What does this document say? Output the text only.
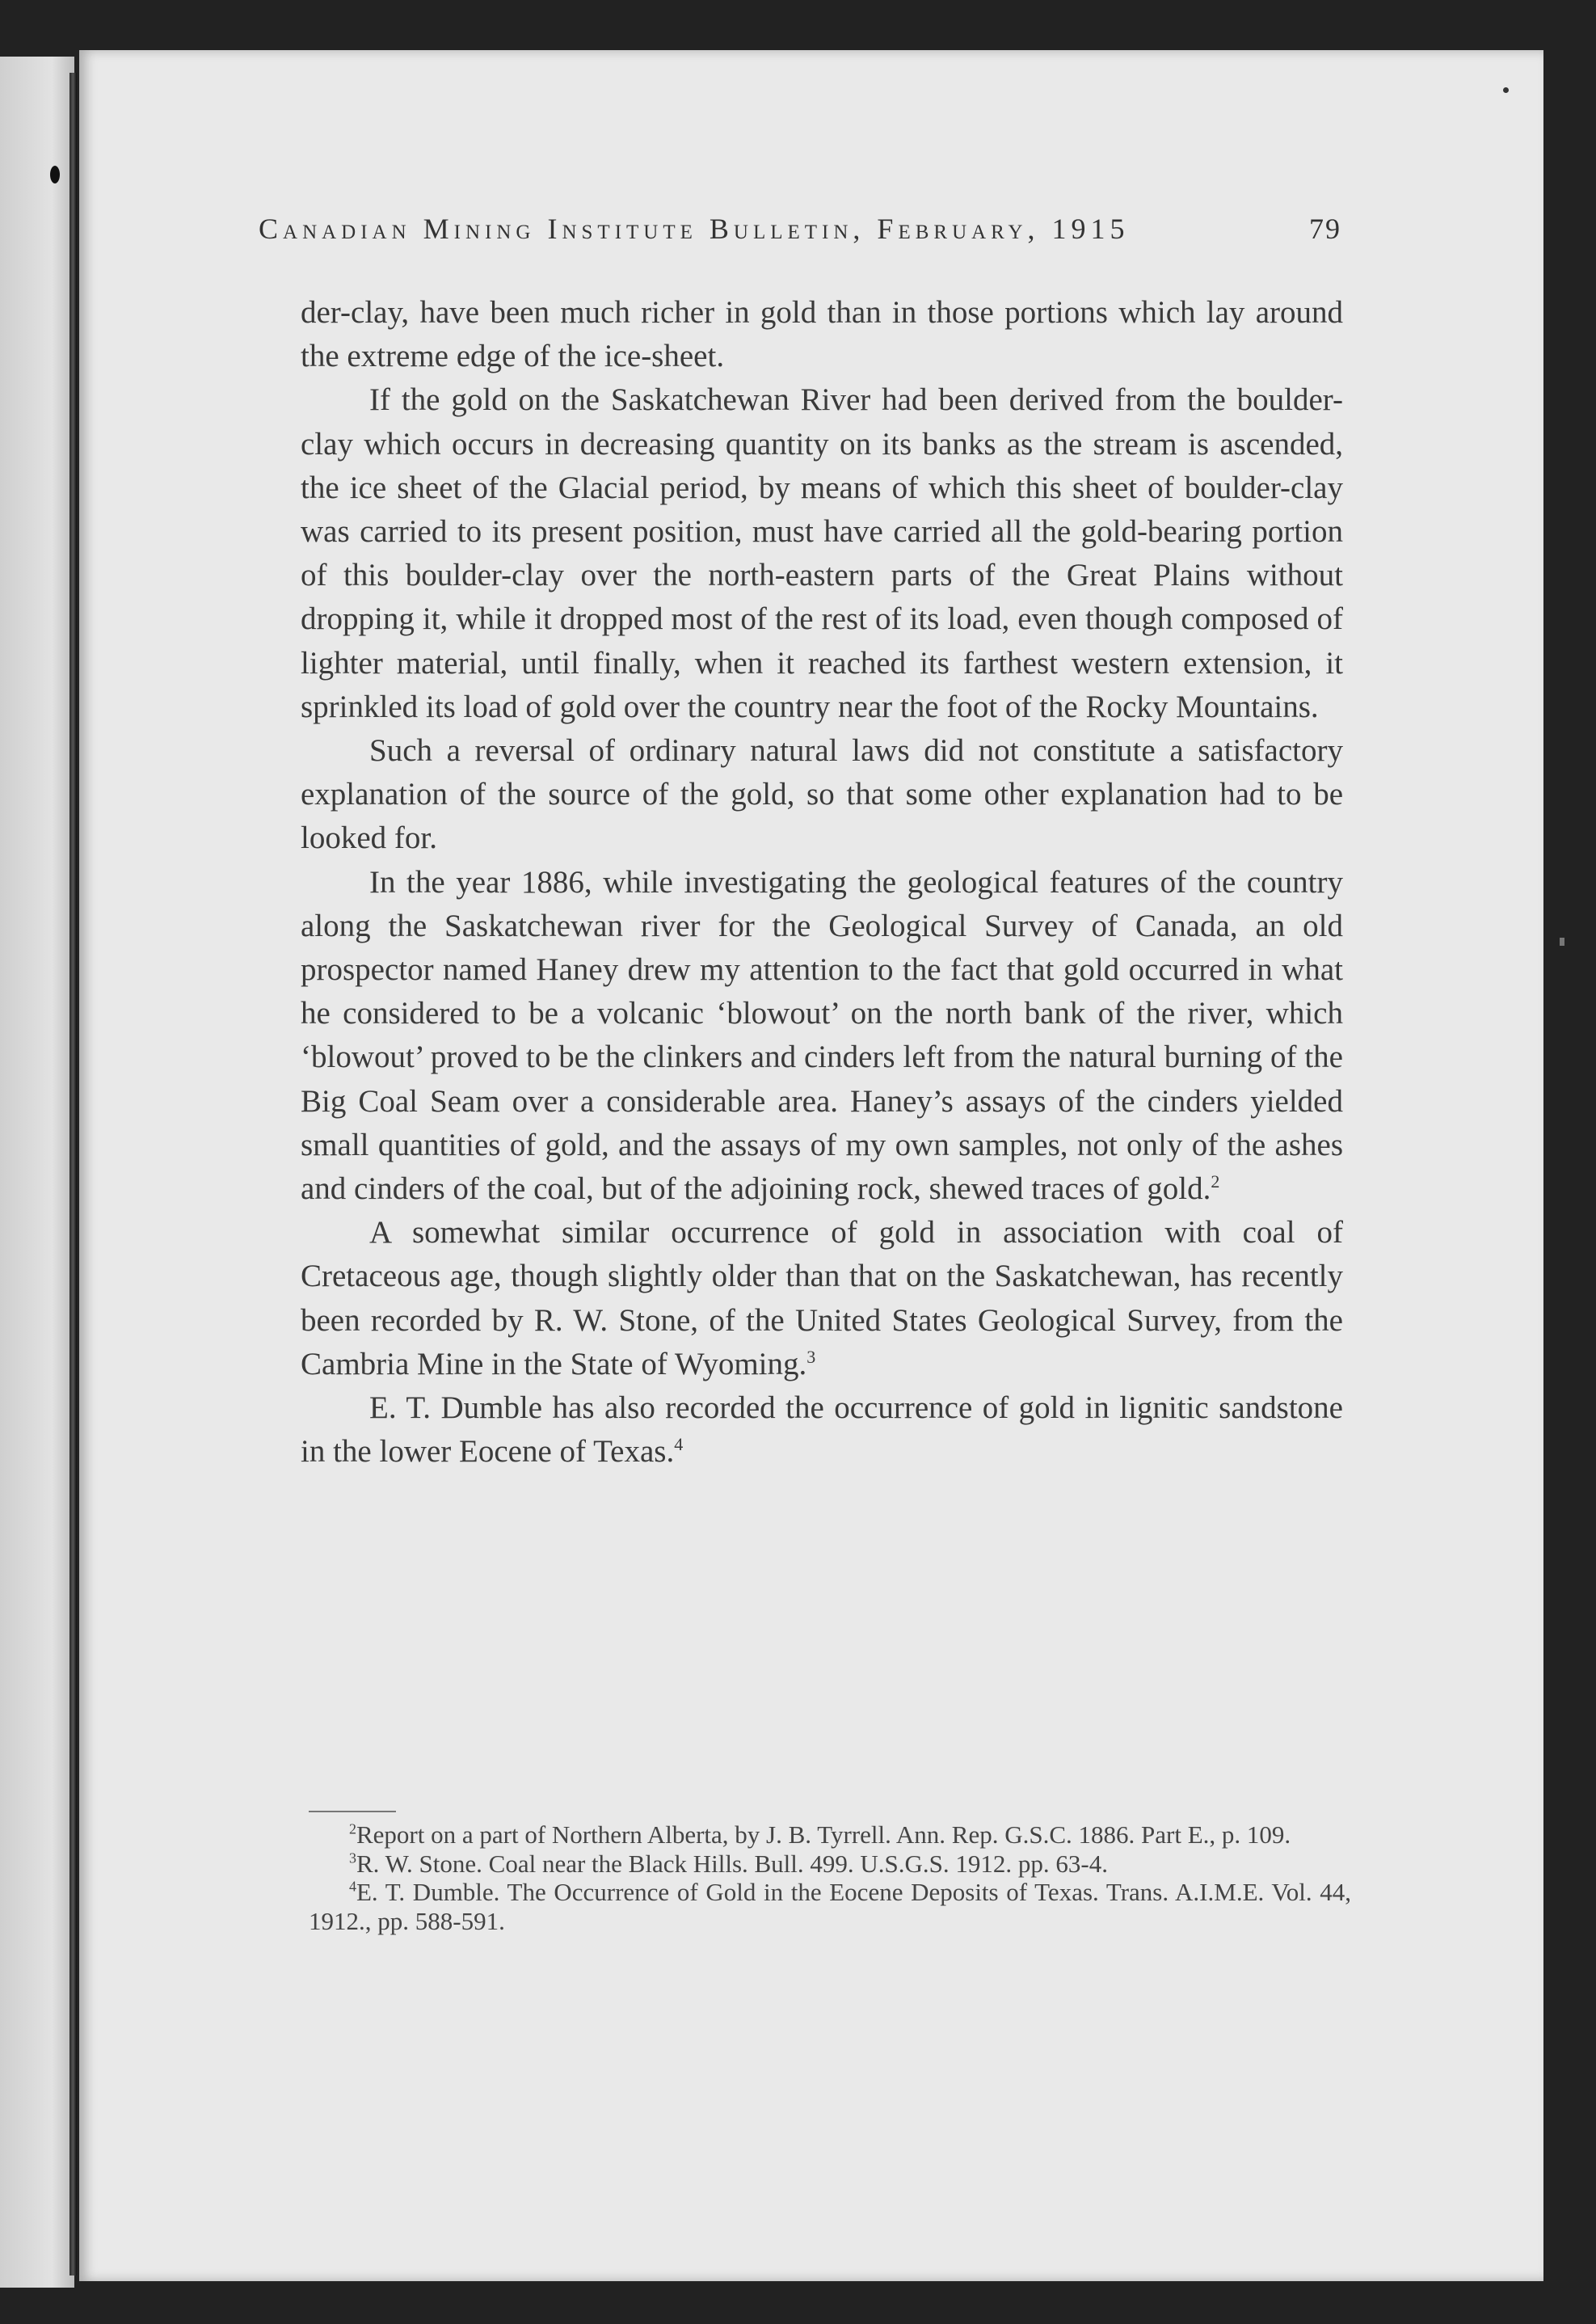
Canadian Mining Institute Bulletin, February, 1915	79

der-clay, have been much richer in gold than in those portions which lay around the extreme edge of the ice-sheet.

If the gold on the Saskatchewan River had been derived from the boulder-clay which occurs in decreasing quantity on its banks as the stream is ascended, the ice sheet of the Glacial period, by means of which this sheet of boulder-clay was carried to its present position, must have carried all the gold-bearing portion of this boulder-clay over the north-eastern parts of the Great Plains without dropping it, while it dropped most of the rest of its load, even though composed of lighter material, until finally, when it reached its farthest western extension, it sprinkled its load of gold over the country near the foot of the Rocky Mountains.

Such a reversal of ordinary natural laws did not constitute a satisfactory explanation of the source of the gold, so that some other explanation had to be looked for.

In the year 1886, while investigating the geological features of the country along the Saskatchewan river for the Geological Survey of Canada, an old prospector named Haney drew my attention to the fact that gold occurred in what he considered to be a volcanic ‘blowout’ on the north bank of the river, which ‘blowout’ proved to be the clinkers and cinders left from the natural burning of the Big Coal Seam over a considerable area. Haney’s assays of the cinders yielded small quantities of gold, and the assays of my own samples, not only of the ashes and cinders of the coal, but of the adjoining rock, shewed traces of gold.$^2$

A somewhat similar occurrence of gold in association with coal of Cretaceous age, though slightly older than that on the Saskatchewan, has recently been recorded by R. W. Stone, of the United States Geological Survey, from the Cambria Mine in the State of Wyoming.$^3$

E. T. Dumble has also recorded the occurrence of gold in lignitic sandstone in the lower Eocene of Texas.$^4$

$^2$Report on a part of Northern Alberta, by J. B. Tyrrell. Ann. Rep. G.S.C. 1886. Part E., p. 109.

$^3$R. W. Stone. Coal near the Black Hills. Bull. 499. U.S.G.S. 1912. pp. 63-4.

$^4$E. T. Dumble. The Occurrence of Gold in the Eocene Deposits of Texas. Trans. A.I.M.E. Vol. 44, 1912., pp. 588-591.
